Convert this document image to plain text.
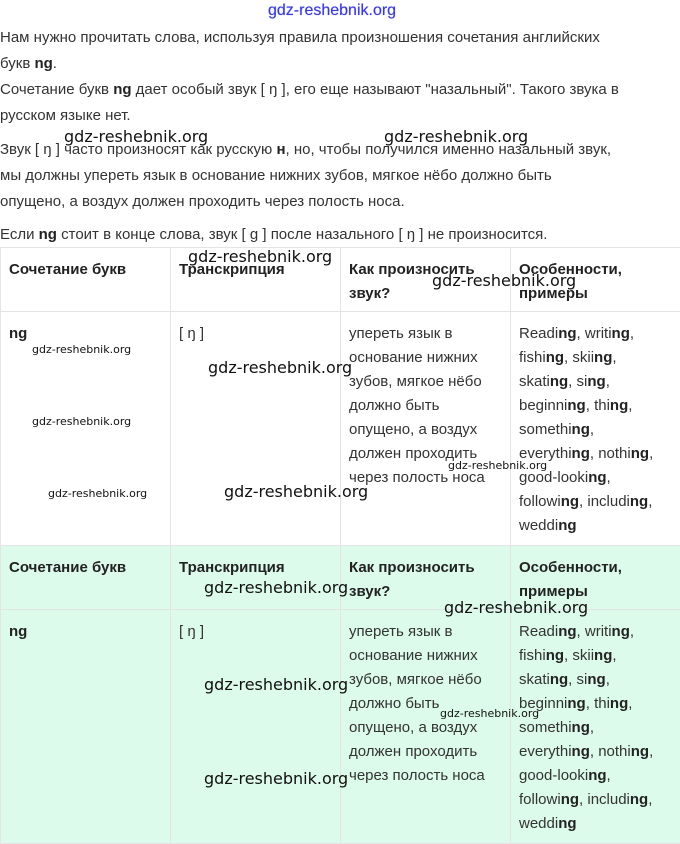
gdz-reshebnik.org
Нам нужно прочитать слова, используя правила произношения сочетания английских
букв ng.
Сочетание букв ng дает особый звук [ ŋ ], его еще называют "назальный". Такого звука в
русском языке нет.
Звук [ ŋ ] часто произносят как русскую н, но, чтобы получился именно назальный звук,
мы должны упереть язык в основание нижних зубов, мягкое нёбо должно быть
опущено, а воздух должен проходить через полость носа.
Если ng стоит в конце слова, звук [ g ] после назального [ ŋ ] не произносится.
Сочетание букв	Транскрипция	Как произносить звук?	Особенности, примеры
ng	[ ŋ ]	упереть язык в основание нижних зубов, мягкое нёбо должно быть опущено, а воздух должен проходить через полость носа	Reading, writing, fishing, skiing, skating, sing, beginning, thing, something, everything, nothing, good-looking, following, including, wedding
Сочетание букв	Транскрипция	Как произносить звук?	Особенности, примеры
ng	[ ŋ ]	упереть язык в основание нижних зубов, мягкое нёбо должно быть опущено, а воздух должен проходить через полость носа	Reading, writing, fishing, skiing, skating, sing, beginning, thing, something, everything, nothing, good-looking, following, including, wedding
gdz-reshebnik.org	gdz-reshebnik.org
gdz-reshebnik.org
gdz-reshebnik.org
gdz-reshebnik.org
gdz-reshebnik.org
gdz-reshebnik.org
gdz-reshebnik.org
gdz-reshebnik.org	gdz-reshebnik.org
gdz-reshebnik.org
gdz-reshebnik.org
gdz-reshebnik.org
gdz-reshebnik.org
gdz-reshebnik.org
